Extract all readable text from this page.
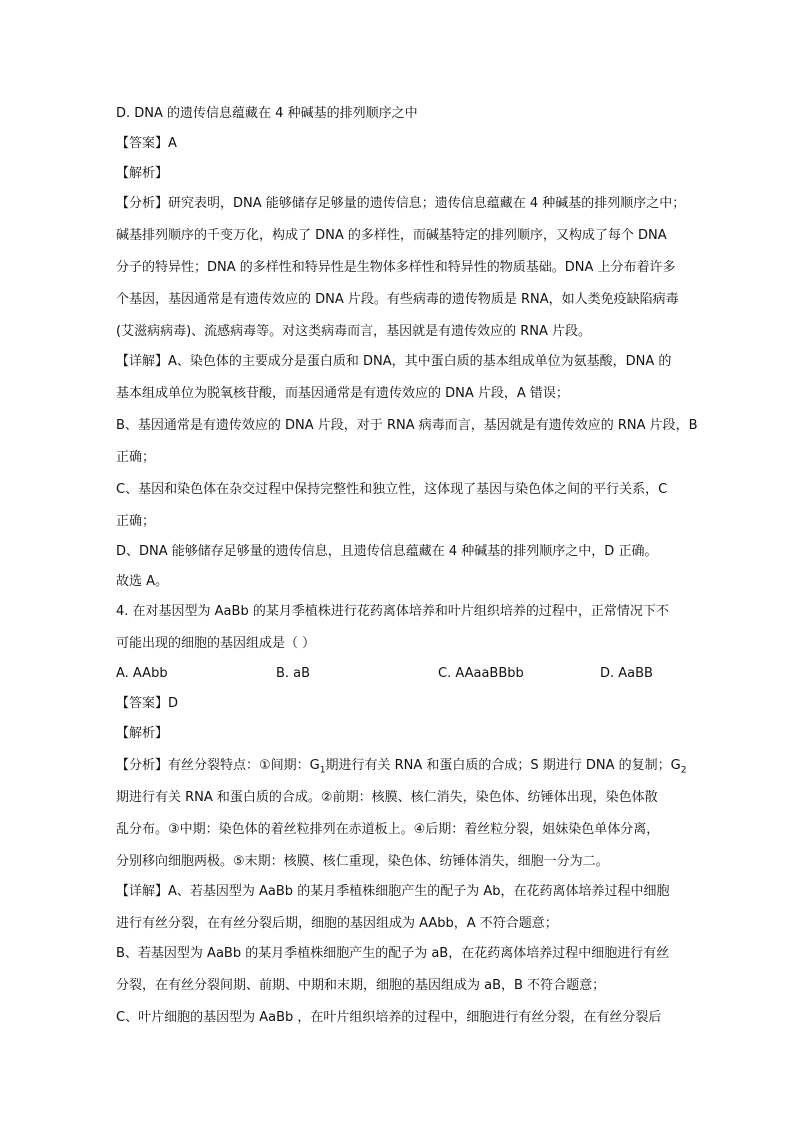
D. DNA 的遗传信息蕴藏在 4 种碱基的排列顺序之中
【答案】A
【解析】
【分析】研究表明，DNA 能够储存足够量的遗传信息；遗传信息蕴藏在 4 种碱基的排列顺序之中；
碱基排列顺序的千变万化，构成了 DNA 的多样性，而碱基特定的排列顺序，又构成了每个 DNA
分子的特异性；DNA 的多样性和特异性是生物体多样性和特异性的物质基础。DNA 上分布着许多
个基因，基因通常是有遗传效应的 DNA 片段。有些病毒的遗传物质是 RNA，如人类免疫缺陷病毒
(艾滋病病毒)、流感病毒等。对这类病毒而言，基因就是有遗传效应的 RNA 片段。
【详解】A、染色体的主要成分是蛋白质和 DNA，其中蛋白质的基本组成单位为氨基酸，DNA 的
基本组成单位为脱氧核苷酸，而基因通常是有遗传效应的 DNA 片段，A 错误；
B、基因通常是有遗传效应的 DNA 片段，对于 RNA 病毒而言，基因就是有遗传效应的 RNA 片段，B
正确；
C、基因和染色体在杂交过程中保持完整性和独立性，这体现了基因与染色体之间的平行关系，C
正确；
D、DNA 能够储存足够量的遗传信息，且遗传信息蕴藏在 4 种碱基的排列顺序之中，D 正确。
故选 A。
4. 在对基因型为 AaBb 的某月季植株进行花药离体培养和叶片组织培养的过程中，正常情况下不
可能出现的细胞的基因组成是（ ）
A. AAbb	B. aB	C. AAaaBBbb	D. AaBB
【答案】D
【解析】
【分析】有丝分裂特点：①间期：$G_1$期进行有关 RNA 和蛋白质的合成；S 期进行 DNA 的复制；$G_2$
期进行有关 RNA 和蛋白质的合成。②前期：核膜、核仁消失，染色体、纺锤体出现，染色体散
乱分布。③中期：染色体的着丝粒排列在赤道板上。④后期：着丝粒分裂，姐妹染色单体分离，
分别移向细胞两极。⑤末期：核膜、核仁重现，染色体、纺锤体消失，细胞一分为二。
【详解】A、若基因型为 AaBb 的某月季植株细胞产生的配子为 Ab，在花药离体培养过程中细胞
进行有丝分裂，在有丝分裂后期，细胞的基因组成为 AAbb，A 不符合题意；
B、若基因型为 AaBb 的某月季植株细胞产生的配子为 aB，在花药离体培养过程中细胞进行有丝
分裂，在有丝分裂间期、前期、中期和末期，细胞的基因组成为 aB，B 不符合题意；
C、叶片细胞的基因型为 AaBb ，在叶片组织培养的过程中，细胞进行有丝分裂，在有丝分裂后
